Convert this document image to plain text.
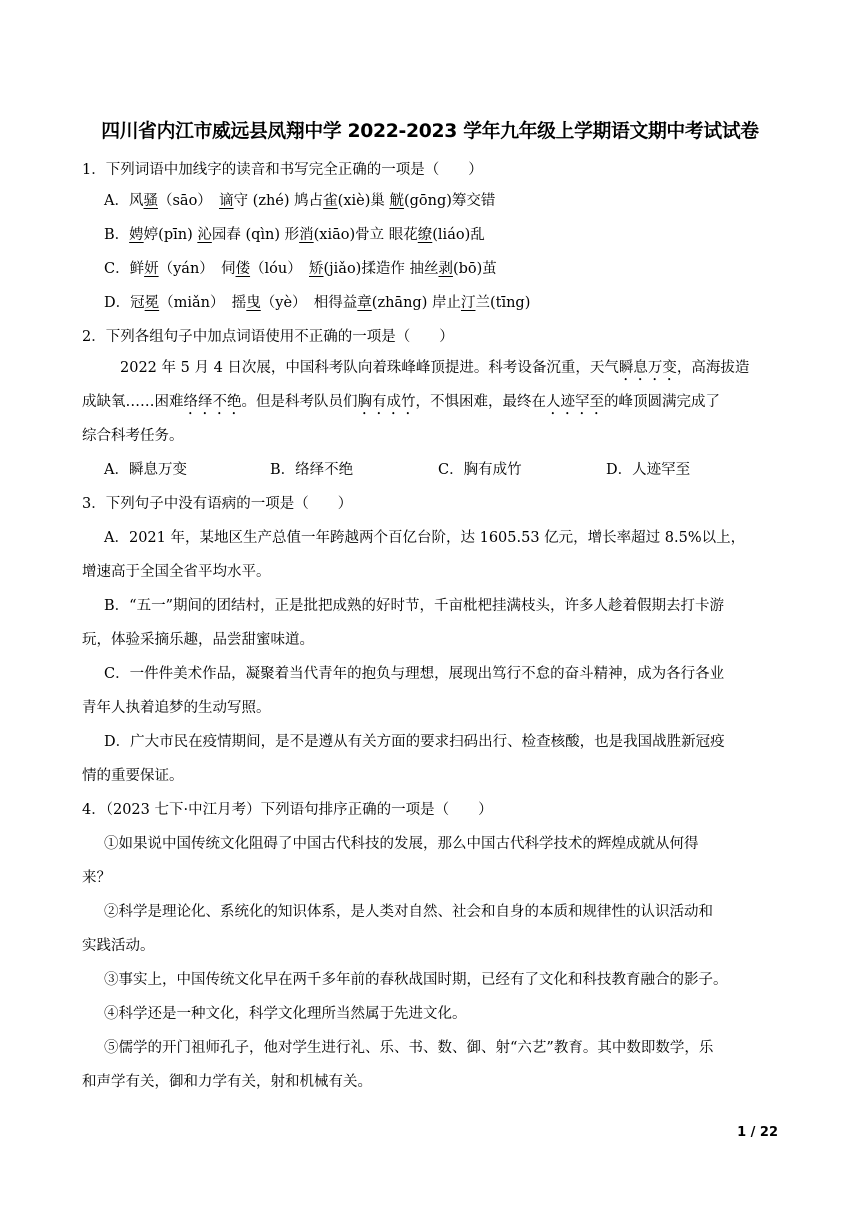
四川省内江市威远县凤翔中学 2022-2023 学年九年级上学期语文期中考试试卷
1．下列词语中加线字的读音和书写完全正确的一项是（　　）
A．风骚（sāo）　谪守 (zhé) 鸠占雀(xiè)巢 觥(gōng)筹交错
B．娉婷(pīn) 沁园春 (qìn) 形消(xiāo)骨立 眼花缭(liáo)乱
C．鲜妍（yán）　伺偻（lóu）　矫(jiǎo)揉造作 抽丝剥(bō)茧
D．冠冕（miǎn）　摇曳（yè）　相得益章(zhāng) 岸止汀兰(tīng)
2．下列各组句子中加点词语使用不正确的一项是（　　）
2022 年 5 月 4 日次展，中国科考队向着珠峰峰顶提进。科考设备沉重，天气瞬息万变，高海拔造
成缺氧……困难络绎不绝。但是科考队员们胸有成竹，不惧困难，最终在人迹罕至的峰顶圆满完成了
综合科考任务。
A．瞬息万变	B．络绎不绝	C．胸有成竹	D．人迹罕至
3．下列句子中没有语病的一项是（　　）
A．2021 年，某地区生产总值一年跨越两个百亿台阶，达 1605.53 亿元，增长率超过 8.5%以上，
增速高于全国全省平均水平。
B．“五一”期间的团结村，正是批把成熟的好时节，千亩枇杷挂满枝头，许多人趁着假期去打卡游
玩，体验采摘乐趣，品尝甜蜜味道。
C．一件件美术作品，凝聚着当代青年的抱负与理想，展现出笃行不怠的奋斗精神，成为各行各业
青年人执着追梦的生动写照。
D．广大市民在疫情期间，是不是遵从有关方面的要求扫码出行、检查核酸，也是我国战胜新冠疫
情的重要保证。
4．（2023 七下·中江月考）下列语句排序正确的一项是（　　）
①如果说中国传统文化阻碍了中国古代科技的发展，那么中国古代科学技术的辉煌成就从何得
来？
②科学是理论化、系统化的知识体系，是人类对自然、社会和自身的本质和规律性的认识活动和
实践活动。
③事实上，中国传统文化早在两千多年前的春秋战国时期，已经有了文化和科技教育融合的影子。
④科学还是一种文化，科学文化理所当然属于先进文化。
⑤儒学的开门祖师孔子，他对学生进行礼、乐、书、数、御、射“六艺”教育。其中数即数学，乐
和声学有关，御和力学有关，射和机械有关。
1 / 22
